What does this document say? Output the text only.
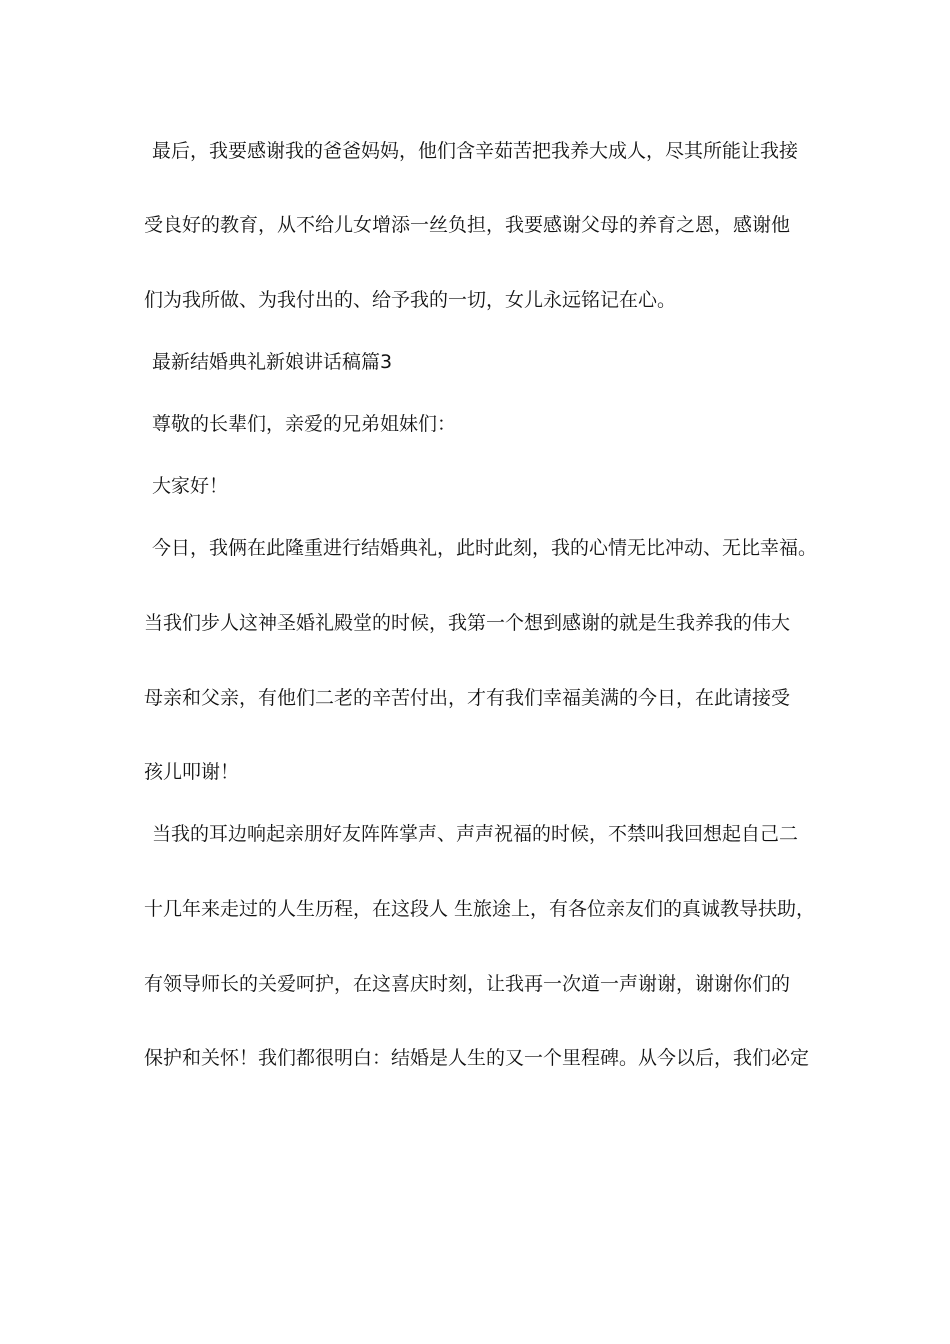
最后，我要感谢我的爸爸妈妈，他们含辛茹苦把我养大成人，尽其所能让我接
受良好的教育，从不给儿女增添一丝负担，我要感谢父母的养育之恩，感谢他
们为我所做、为我付出的、给予我的一切，女儿永远铭记在心。
最新结婚典礼新娘讲话稿篇3
尊敬的长辈们，亲爱的兄弟姐妹们：
大家好！
今日，我俩在此隆重进行结婚典礼，此时此刻，我的心情无比冲动、无比幸福。
当我们步人这神圣婚礼殿堂的时候，我第一个想到感谢的就是生我养我的伟大
母亲和父亲，有他们二老的辛苦付出，才有我们幸福美满的今日，在此请接受
孩儿叩谢！
当我的耳边响起亲朋好友阵阵掌声、声声祝福的时候，不禁叫我回想起自己二
十几年来走过的人生历程，在这段人 生旅途上，有各位亲友们的真诚教导扶助，
有领导师长的关爱呵护，在这喜庆时刻，让我再一次道一声谢谢，谢谢你们的
保护和关怀！我们都很明白：结婚是人生的又一个里程碑。从今以后，我们必定
